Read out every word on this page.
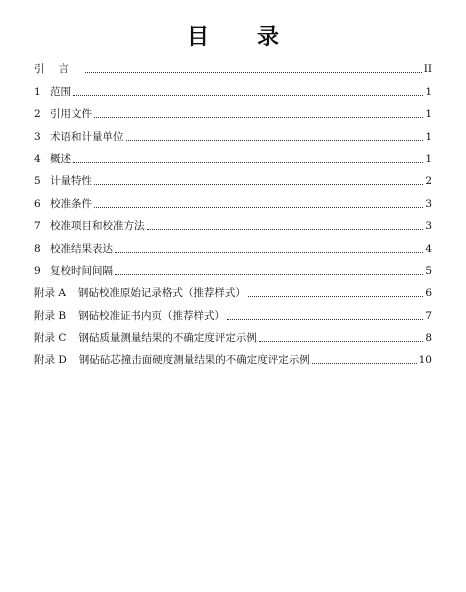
目 录
引言	II
1 范围	1
2 引用文件	1
3 术语和计量单位	1
4 概述	1
5 计量特性	2
6 校准条件	3
7 校准项目和校准方法	3
8 校准结果表达	4
9 复校时间间隔	5
附录 A 钢砧校准原始记录格式（推荐样式）	6
附录 B 钢砧校准证书内页（推荐样式）	7
附录 C 钢砧质量测量结果的不确定度评定示例	8
附录 D 钢砧砧芯撞击面硬度测量结果的不确定度评定示例	10
